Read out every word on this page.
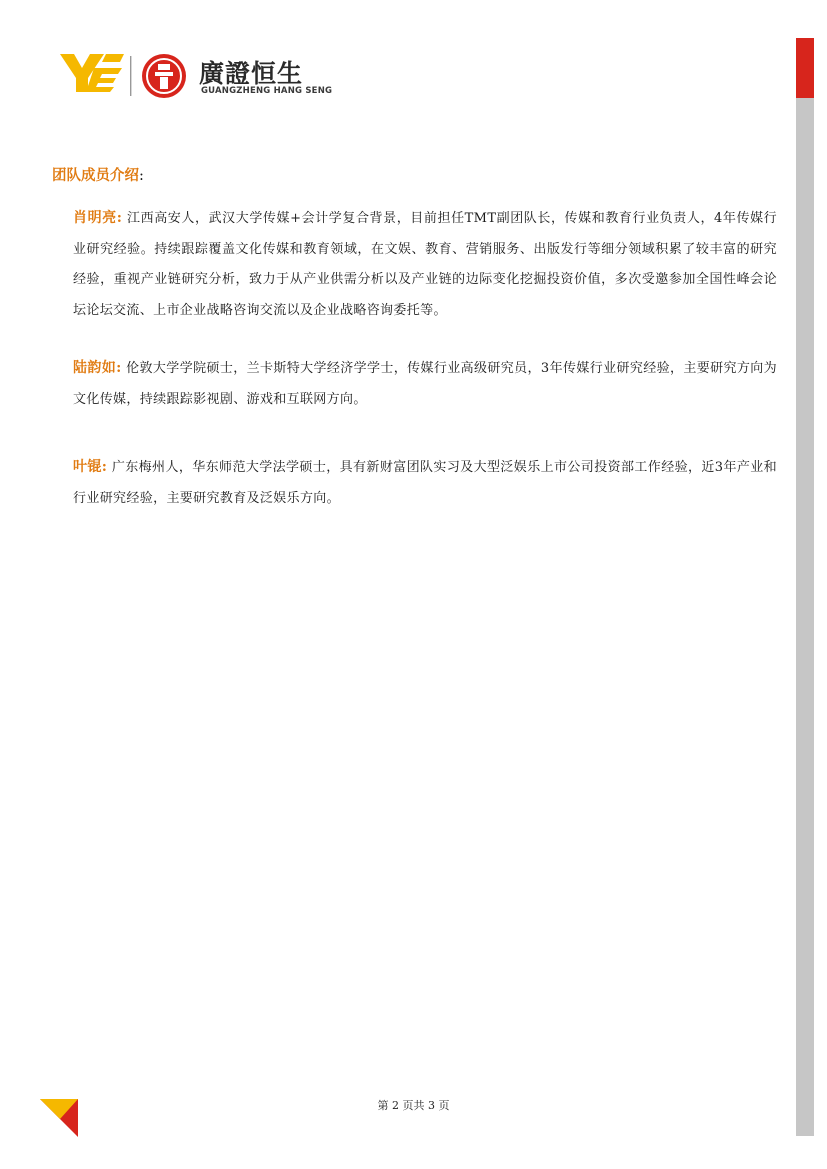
廣證恒生
GUANGZHENG HANG SENG
团队成员介绍:
肖明亮: 江西高安人，武汉大学传媒+会计学复合背景，目前担任TMT副团队长，传媒和教育行业负责人，4年传媒行业研究经验。持续跟踪覆盖文化传媒和教育领域，在文娱、教育、营销服务、出版发行等细分领域积累了较丰富的研究经验，重视产业链研究分析，致力于从产业供需分析以及产业链的边际变化挖掘投资价值，多次受邀参加全国性峰会论坛论坛交流、上市企业战略咨询交流以及企业战略咨询委托等。
陆韵如: 伦敦大学学院硕士，兰卡斯特大学经济学学士，传媒行业高级研究员，3年传媒行业研究经验，主要研究方向为文化传媒，持续跟踪影视剧、游戏和互联网方向。
叶锟: 广东梅州人，华东师范大学法学硕士，具有新财富团队实习及大型泛娱乐上市公司投资部工作经验，近3年产业和行业研究经验，主要研究教育及泛娱乐方向。
第 2 页共 3 页
